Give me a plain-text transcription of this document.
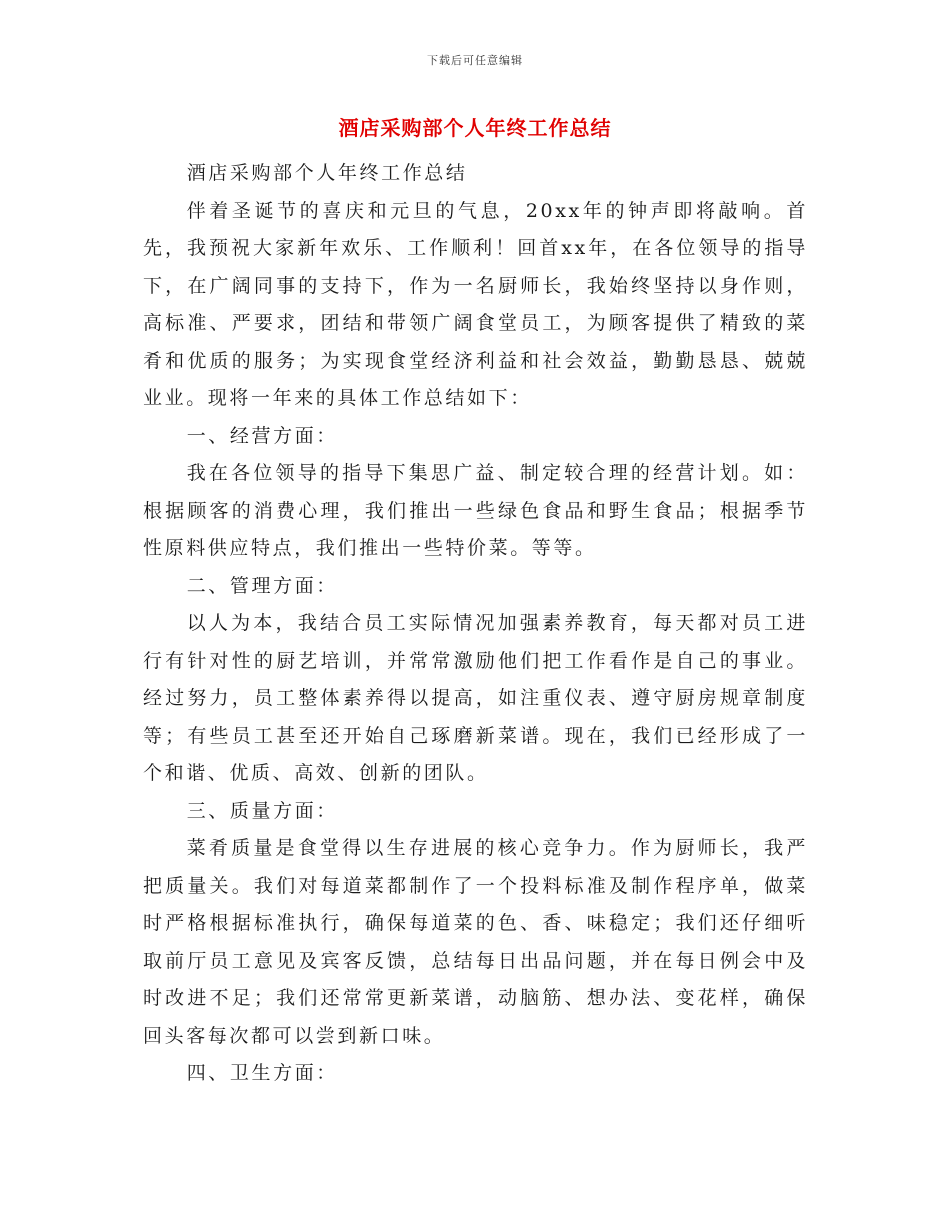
下载后可任意编辑
酒店采购部个人年终工作总结

酒店采购部个人年终工作总结

伴着圣诞节的喜庆和元旦的气息，20xx年的钟声即将敲响。首先，我预祝大家新年欢乐、工作顺利！回首xx年，在各位领导的指导下，在广阔同事的支持下，作为一名厨师长，我始终坚持以身作则，高标准、严要求，团结和带领广阔食堂员工，为顾客提供了精致的菜肴和优质的服务；为实现食堂经济利益和社会效益，勤勤恳恳、兢兢业业。现将一年来的具体工作总结如下：

一、经营方面：

我在各位领导的指导下集思广益、制定较合理的经营计划。如：根据顾客的消费心理，我们推出一些绿色食品和野生食品；根据季节性原料供应特点，我们推出一些特价菜。等等。

二、管理方面：

以人为本，我结合员工实际情况加强素养教育，每天都对员工进行有针对性的厨艺培训，并常常激励他们把工作看作是自己的事业。经过努力，员工整体素养得以提高，如注重仪表、遵守厨房规章制度等；有些员工甚至还开始自己琢磨新菜谱。现在，我们已经形成了一个和谐、优质、高效、创新的团队。

三、质量方面：

菜肴质量是食堂得以生存进展的核心竞争力。作为厨师长，我严把质量关。我们对每道菜都制作了一个投料标准及制作程序单，做菜时严格根据标准执行，确保每道菜的色、香、味稳定；我们还仔细听取前厅员工意见及宾客反馈，总结每日出品问题，并在每日例会中及时改进不足；我们还常常更新菜谱，动脑筋、想办法、变花样，确保回头客每次都可以尝到新口味。

四、卫生方面：
